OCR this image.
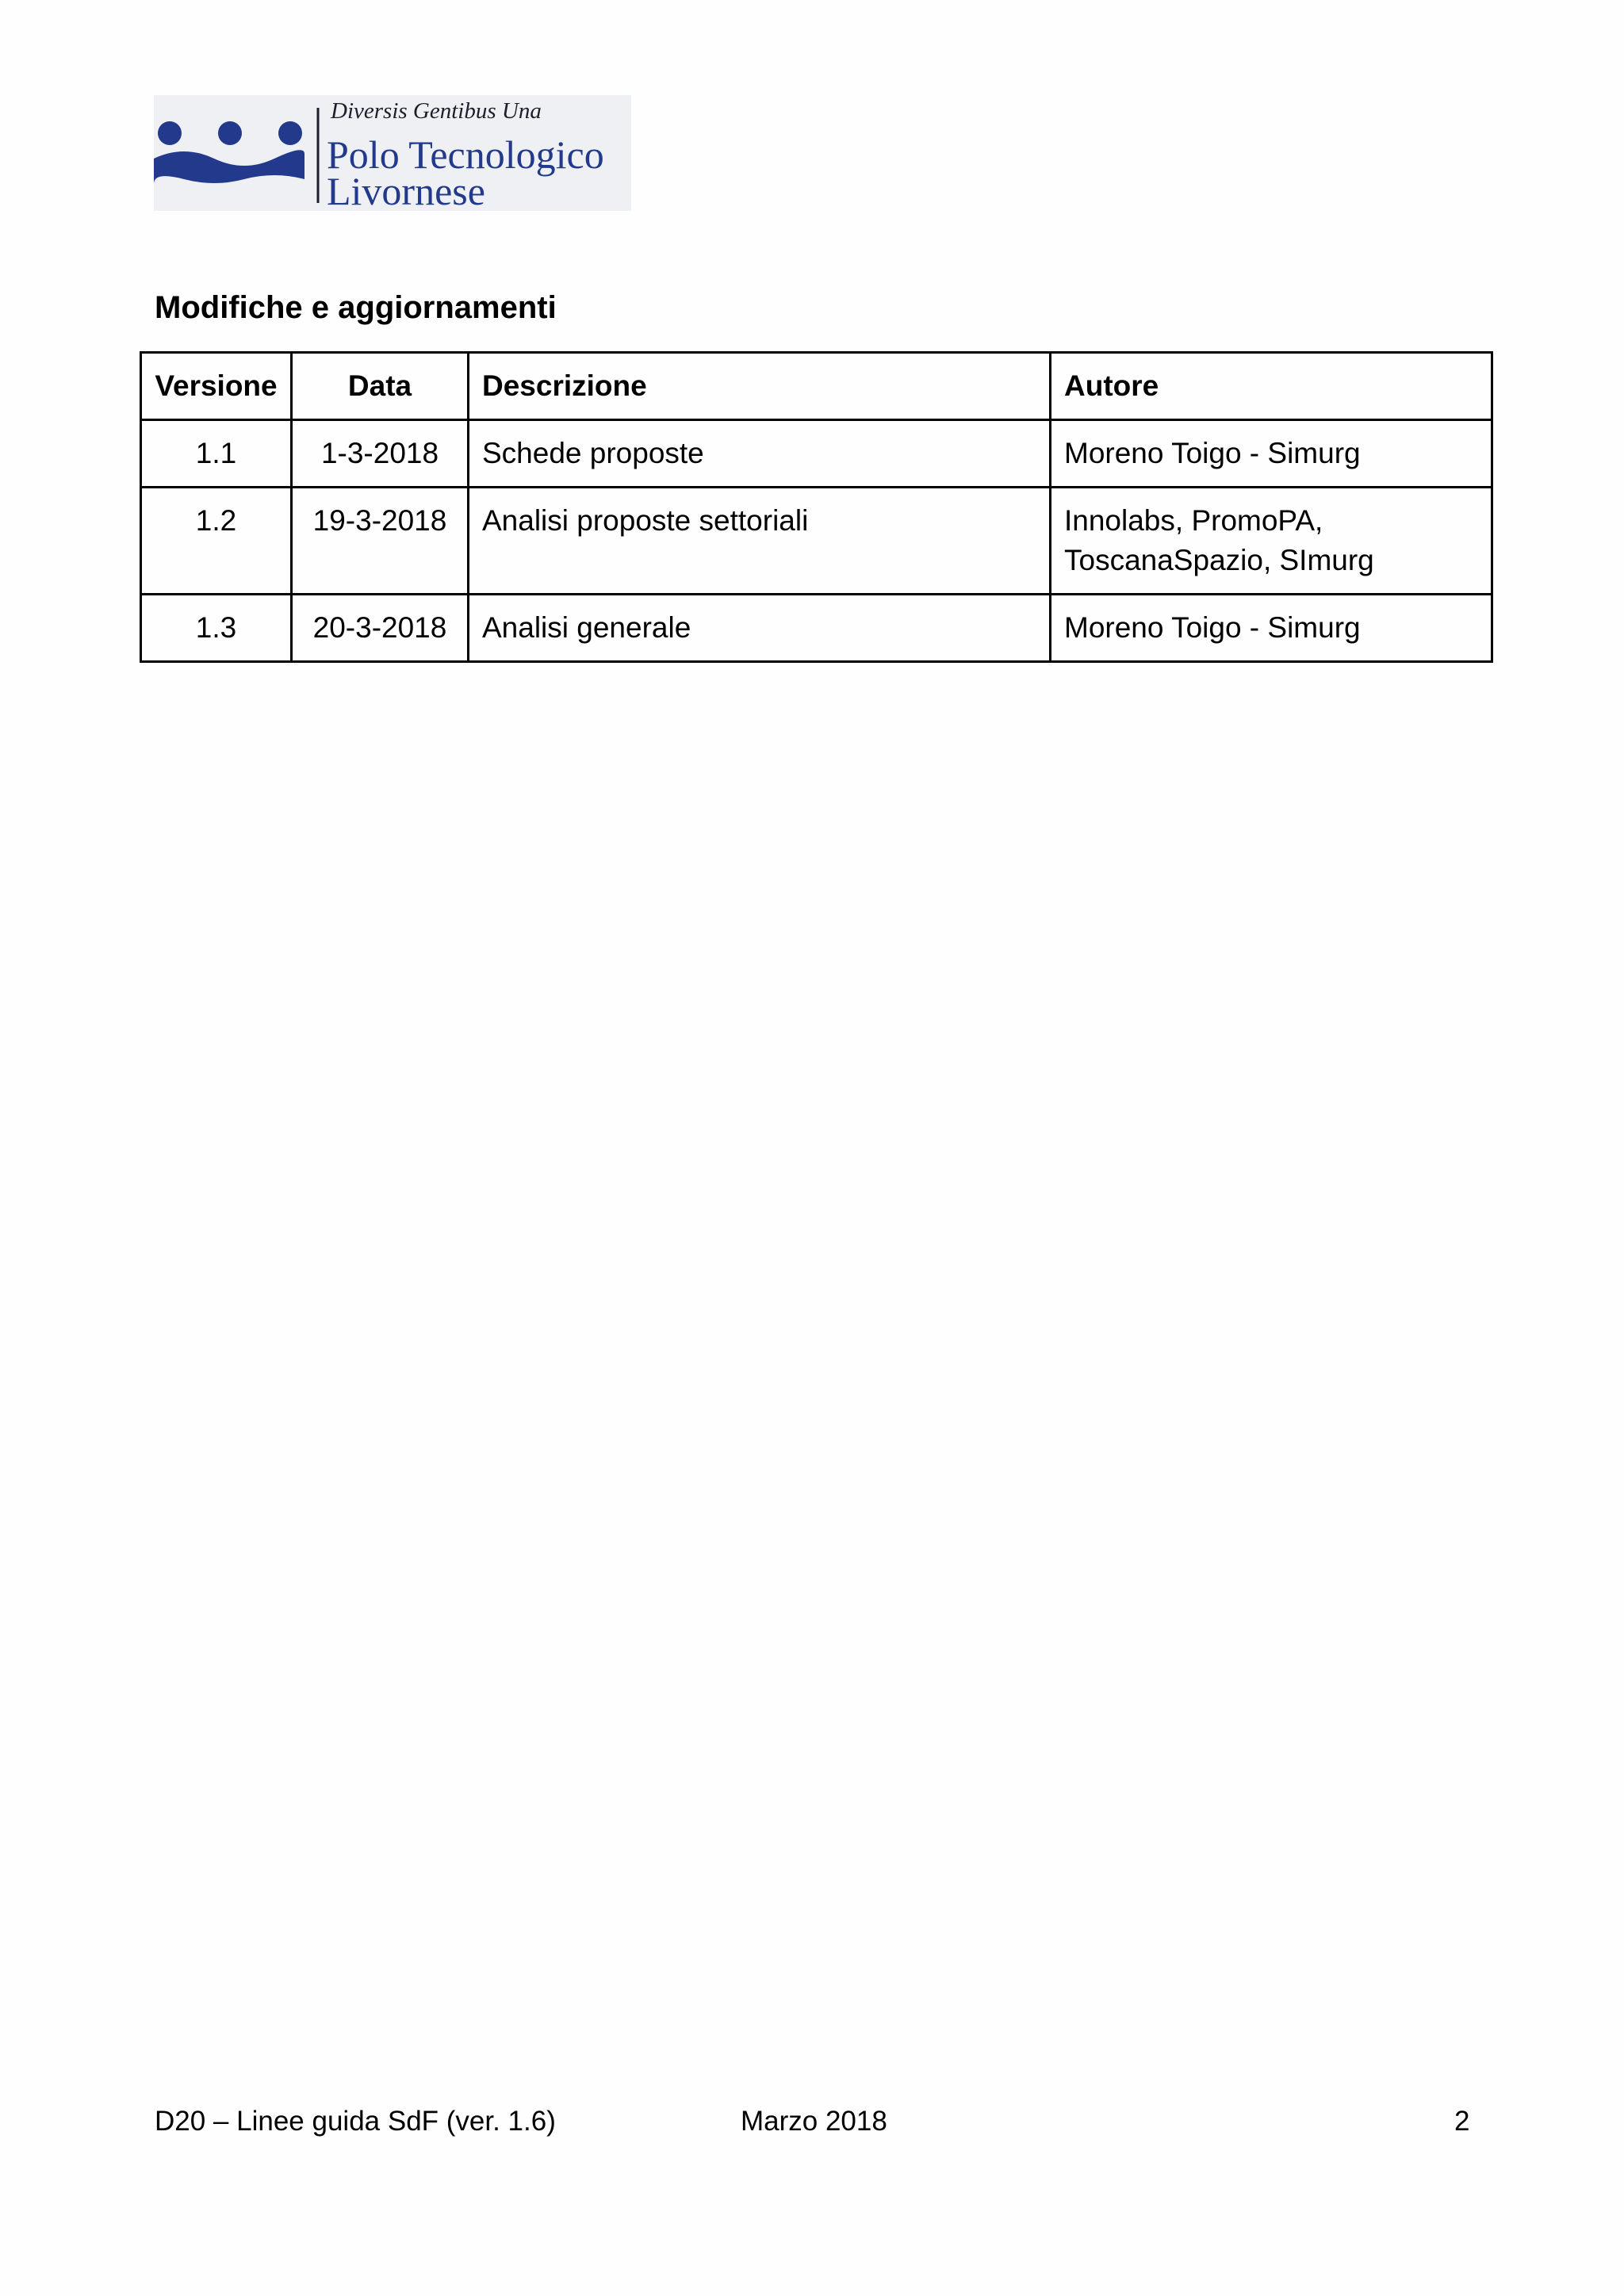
Diversis Gentibus Una
Polo Tecnologico
Livornese
Modifiche e aggiornamenti
Versione	Data	Descrizione	Autore
1.1	1-3-2018	Schede proposte	Moreno Toigo - Simurg
1.2	19-3-2018	Analisi proposte settoriali	Innolabs, PromoPA, ToscanaSpazio, SImurg
1.3	20-3-2018	Analisi generale	Moreno Toigo - Simurg
D20 – Linee guida SdF (ver. 1.6)	Marzo 2018	2
